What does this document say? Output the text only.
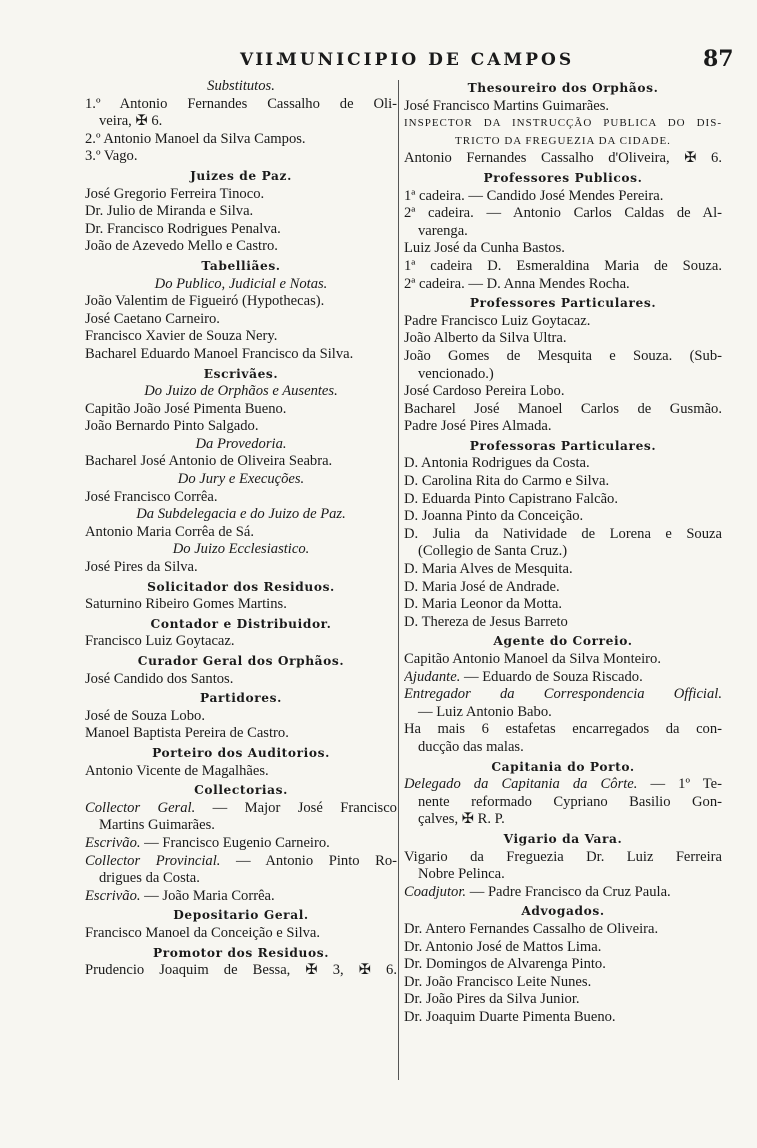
VII.
MUNICIPIO DE CAMPOS	87
Substitutos.
1.º Antonio Fernandes Cassalho de Oli-
veira, ✠ 6.
2.º Antonio Manoel da Silva Campos.
3.º Vago.
Juizes de Paz.
José Gregorio Ferreira Tinoco.
Dr. Julio de Miranda e Silva.
Dr. Francisco Rodrigues Penalva.
João de Azevedo Mello e Castro.
Tabelliães.
Do Publico, Judicial e Notas.
João Valentim de Figueiró (Hypothecas).
José Caetano Carneiro.
Francisco Xavier de Souza Nery.
Bacharel Eduardo Manoel Francisco da Silva.
Escrivães.
Do Juizo de Orphãos e Ausentes.
Capitão João José Pimenta Bueno.
João Bernardo Pinto Salgado.
Da Provedoria.
Bacharel José Antonio de Oliveira Seabra.
Do Jury e Execuções.
José Francisco Corrêa.
Da Subdelegacia e do Juizo de Paz.
Antonio Maria Corrêa de Sá.
Do Juizo Ecclesiastico.
José Pires da Silva.
Solicitador dos Residuos.
Saturnino Ribeiro Gomes Martins.
Contador e Distribuidor.
Francisco Luiz Goytacaz.
Curador Geral dos Orphãos.
José Candido dos Santos.
Partidores.
José de Souza Lobo.
Manoel Baptista Pereira de Castro.
Porteiro dos Auditorios.
Antonio Vicente de Magalhães.
Collectorias.
Collector Geral. — Major José Francisco
Martins Guimarães.
Escrivão. — Francisco Eugenio Carneiro.
Collector Provincial. — Antonio Pinto Ro-
drigues da Costa.
Escrivão. — João Maria Corrêa.
Depositario Geral.
Francisco Manoel da Conceição e Silva.
Promotor dos Residuos.
Prudencio Joaquim de Bessa, ✠ 3, ✠ 6.
Thesoureiro dos Orphãos.
José Francisco Martins Guimarães.
INSPECTOR DA INSTRUCÇÃO PUBLICA DO DIS-
TRICTO DA FREGUEZIA DA CIDADE.
Antonio Fernandes Cassalho d'Oliveira, ✠ 6.
Professores Publicos.
1ª cadeira. — Candido José Mendes Pereira.
2ª cadeira. — Antonio Carlos Caldas de Al-
varenga.
Luiz José da Cunha Bastos.
1ª cadeira D. Esmeraldina Maria de Souza.
2ª cadeira. — D. Anna Mendes Rocha.
Professores Particulares.
Padre Francisco Luiz Goytacaz.
João Alberto da Silva Ultra.
João Gomes de Mesquita e Souza. (Sub-
vencionado.)
José Cardoso Pereira Lobo.
Bacharel José Manoel Carlos de Gusmão.
Padre José Pires Almada.
Professoras Particulares.
D. Antonia Rodrigues da Costa.
D. Carolina Rita do Carmo e Silva.
D. Eduarda Pinto Capistrano Falcão.
D. Joanna Pinto da Conceição.
D. Julia da Natividade de Lorena e Souza
(Collegio de Santa Cruz.)
D. Maria Alves de Mesquita.
D. Maria José de Andrade.
D. Maria Leonor da Motta.
D. Thereza de Jesus Barreto
Agente do Correio.
Capitão Antonio Manoel da Silva Monteiro.
Ajudante. — Eduardo de Souza Riscado.
Entregador da Correspondencia Official.
— Luiz Antonio Babo.
Ha mais 6 estafetas encarregados da con-
ducção das malas.
Capitania do Porto.
Delegado da Capitania da Côrte. — 1º Te-
nente reformado Cypriano Basilio Gon-
çalves, ✠ R. P.
Vigario da Vara.
Vigario da Freguezia Dr. Luiz Ferreira
Nobre Pelinca.
Coadjutor. — Padre Francisco da Cruz Paula.
Advogados.
Dr. Antero Fernandes Cassalho de Oliveira.
Dr. Antonio José de Mattos Lima.
Dr. Domingos de Alvarenga Pinto.
Dr. João Francisco Leite Nunes.
Dr. João Pires da Silva Junior.
Dr. Joaquim Duarte Pimenta Bueno.
